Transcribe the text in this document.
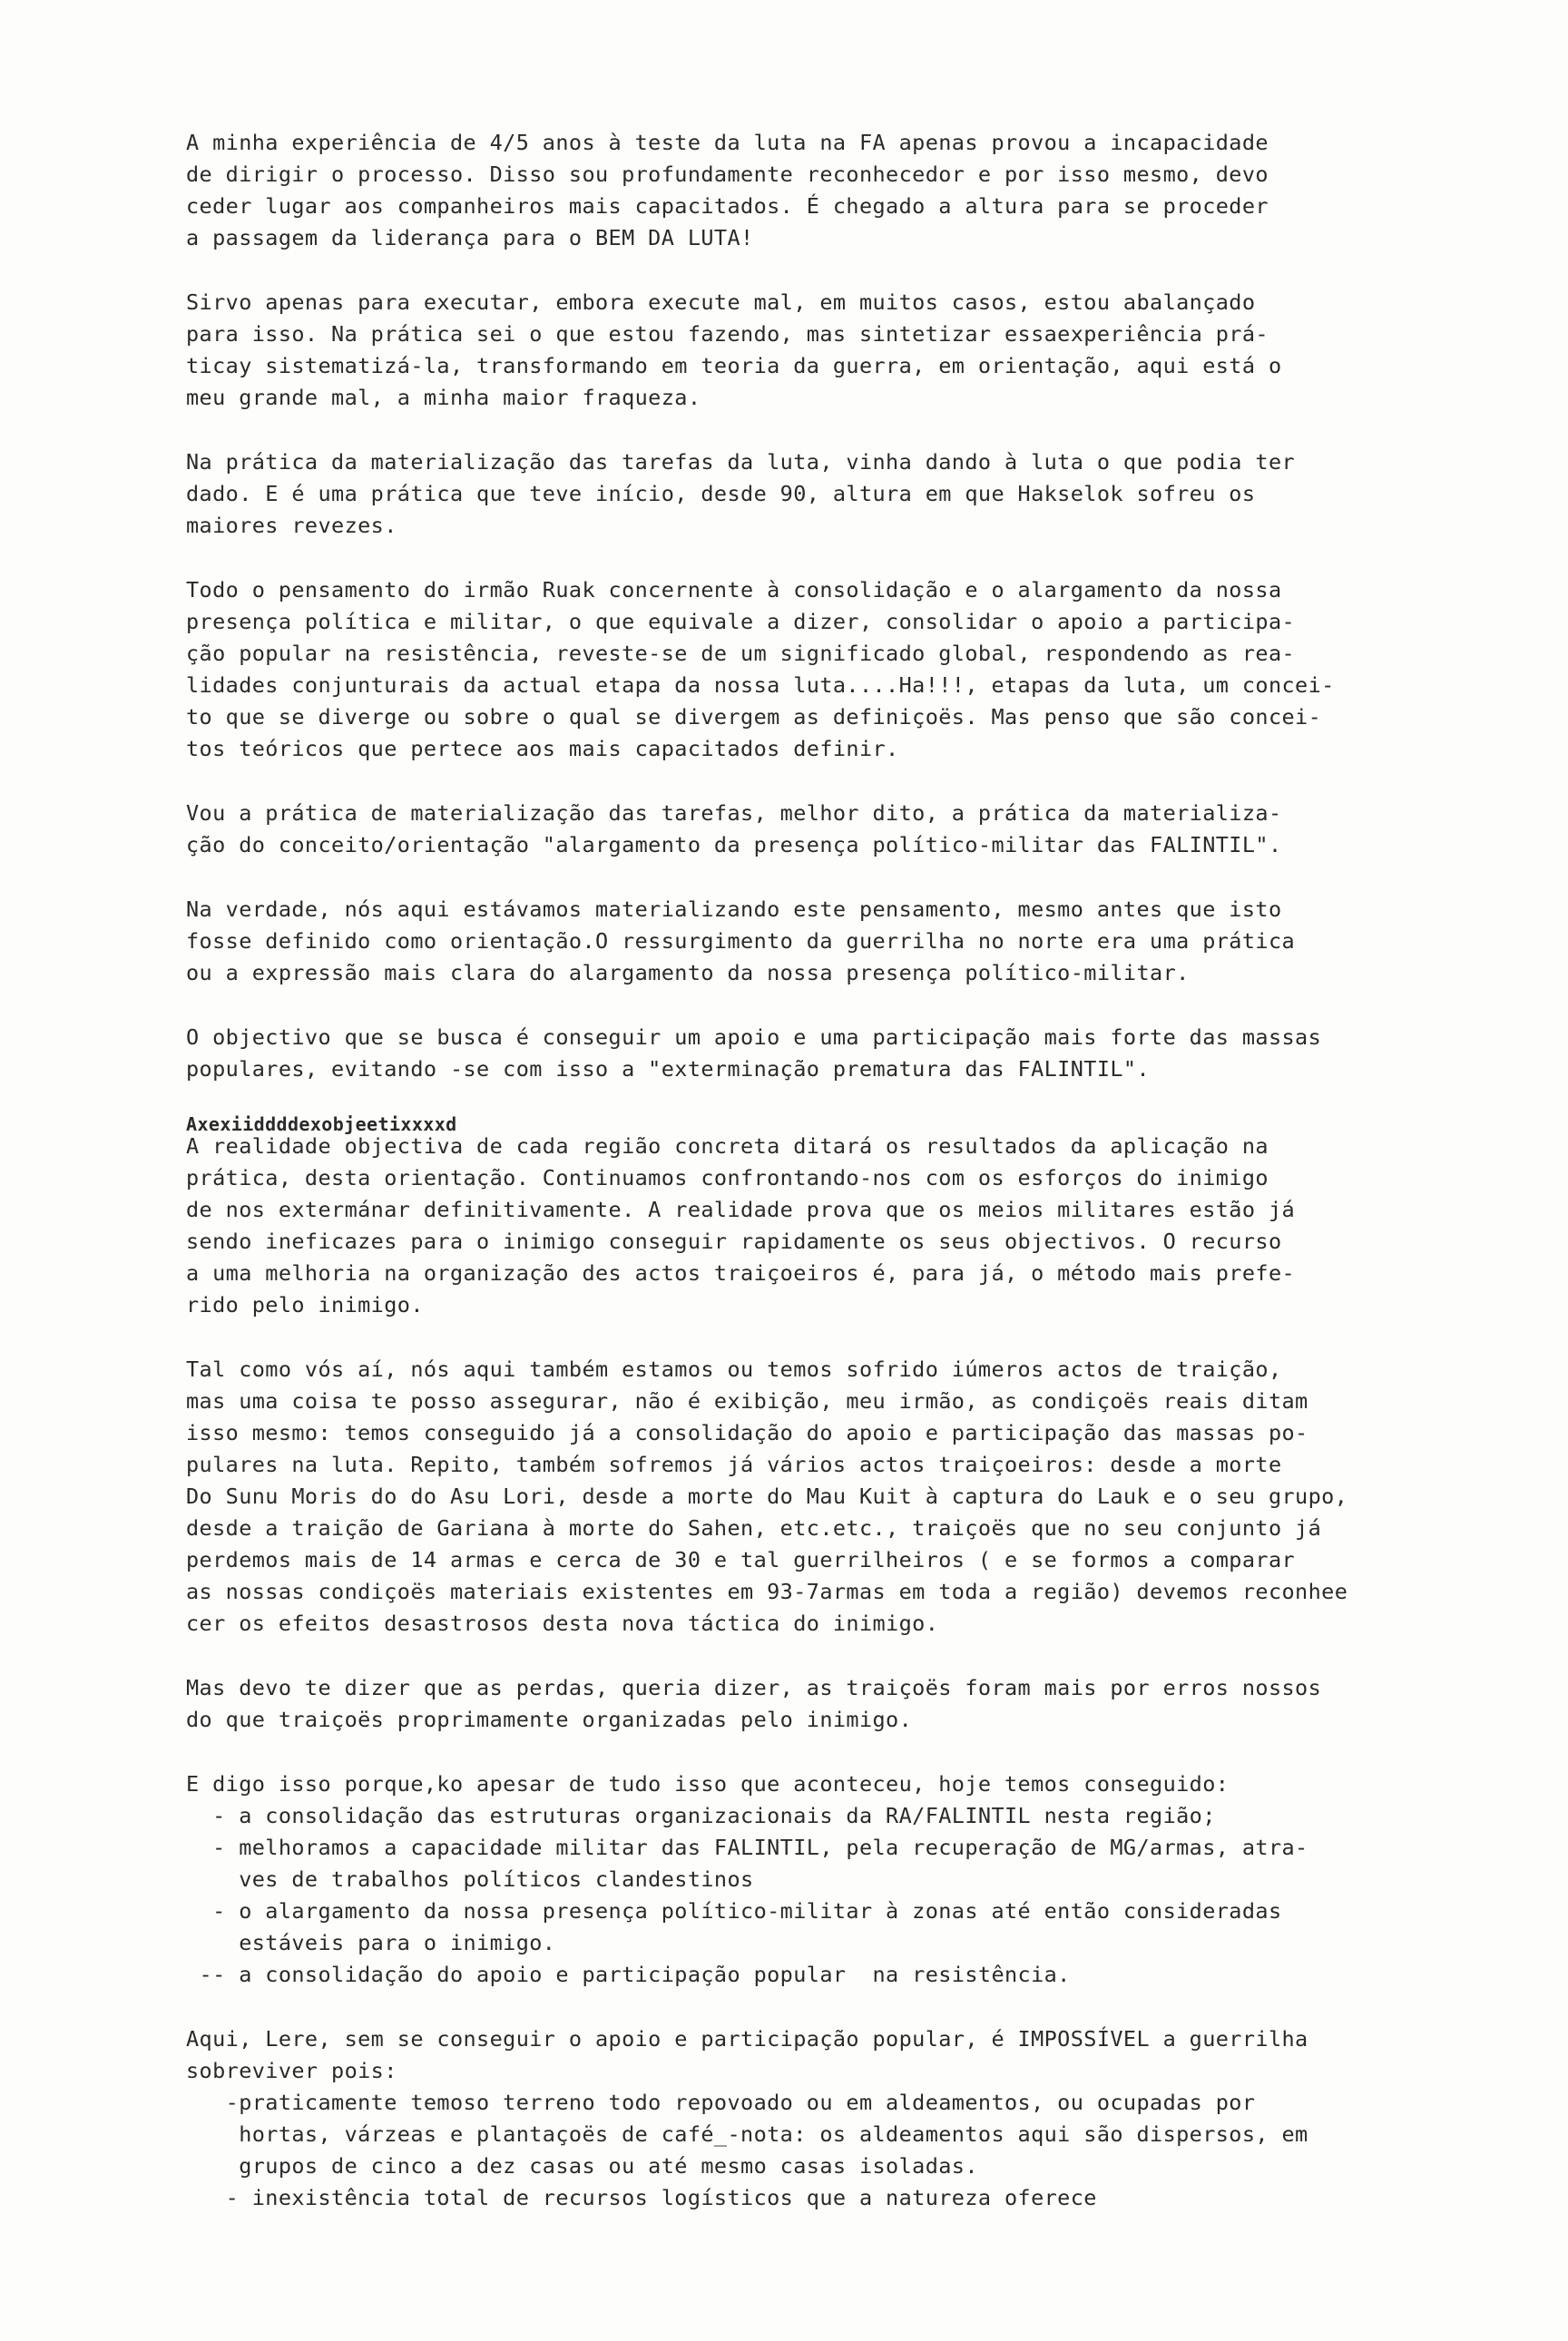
A minha experiência de 4/5 anos à teste da luta na FA apenas provou a incapacidade
de dirigir o processo. Disso sou profundamente reconhecedor e por isso mesmo, devo
ceder lugar aos companheiros mais capacitados. É chegado a altura para se proceder
a passagem da liderança para o BEM DA LUTA!
Sirvo apenas para executar, embora execute mal, em muitos casos, estou abalançado
para isso. Na prática sei o que estou fazendo, mas sintetizar essaexperiência prá-
ticay sistematizá-la, transformando em teoria da guerra, em orientação, aqui está o
meu grande mal, a minha maior fraqueza.
Na prática da materialização das tarefas da luta, vinha dando à luta o que podia ter
dado. E é uma prática que teve início, desde 90, altura em que Hakselok sofreu os
maiores revezes.
Todo o pensamento do irmão Ruak concernente à consolidação e o alargamento da nossa
presença política e militar, o que equivale a dizer, consolidar o apoio a participa-
ção popular na resistência, reveste-se de um significado global, respondendo as rea-
lidades conjunturais da actual etapa da nossa luta....Ha!!!, etapas da luta, um concei-
to que se diverge ou sobre o qual se divergem as definiçoës. Mas penso que são concei-
tos teóricos que pertece aos mais capacitados definir.
Vou a prática de materialização das tarefas, melhor dito, a prática da materializa-
ção do conceito/orientação "alargamento da presença político-militar das FALINTIL".
Na verdade, nós aqui estávamos materializando este pensamento, mesmo antes que isto
fosse definido como orientação.O ressurgimento da guerrilha no norte era uma prática
ou a expressão mais clara do alargamento da nossa presença político-militar.
O objectivo que se busca é conseguir um apoio e uma participação mais forte das massas
populares, evitando -se com isso a "exterminação prematura das FALINTIL".
Axexiiddddexobjeetixxxxd
A realidade objectiva de cada região concreta ditará os resultados da aplicação na
prática, desta orientação. Continuamos confrontando-nos com os esforços do inimigo
de nos extermánar definitivamente. A realidade prova que os meios militares estão já
sendo ineficazes para o inimigo conseguir rapidamente os seus objectivos. O recurso
a uma melhoria na organização des actos traiçoeiros é, para já, o método mais prefe-
rido pelo inimigo.
Tal como vós aí, nós aqui também estamos ou temos sofrido iúmeros actos de traição,
mas uma coisa te posso assegurar, não é exibição, meu irmão, as condiçoës reais ditam
isso mesmo: temos conseguido já a consolidação do apoio e participação das massas po-
pulares na luta. Repito, também sofremos já vários actos traiçoeiros: desde a morte
Do Sunu Moris do do Asu Lori, desde a morte do Mau Kuit à captura do Lauk e o seu grupo,
desde a traição de Gariana à morte do Sahen, etc.etc., traiçoës que no seu conjunto já
perdemos mais de 14 armas e cerca de 30 e tal guerrilheiros ( e se formos a comparar
as nossas condiçoës materiais existentes em 93-7armas em toda a região) devemos reconhee
cer os efeitos desastrosos desta nova táctica do inimigo.
Mas devo te dizer que as perdas, queria dizer, as traiçoës foram mais por erros nossos
do que traiçoës proprimamente organizadas pelo inimigo.
E digo isso porque,ko apesar de tudo isso que aconteceu, hoje temos conseguido:
- a consolidação das estruturas organizacionais da RA/FALINTIL nesta região;
- melhoramos a capacidade militar das FALINTIL, pela recuperação de MG/armas, atra-
ves de trabalhos políticos clandestinos
- o alargamento da nossa presença político-militar à zonas até então consideradas
estáveis para o inimigo.
-- a consolidação do apoio e participação popular  na resistência.
Aqui, Lere, sem se conseguir o apoio e participação popular, é IMPOSSÍVEL a guerrilha
sobreviver pois:
-praticamente temoso terreno todo repovoado ou em aldeamentos, ou ocupadas por
hortas, várzeas e plantaçoës de café_-nota: os aldeamentos aqui são dispersos, em
grupos de cinco a dez casas ou até mesmo casas isoladas.
- inexistência total de recursos logísticos que a natureza oferece
